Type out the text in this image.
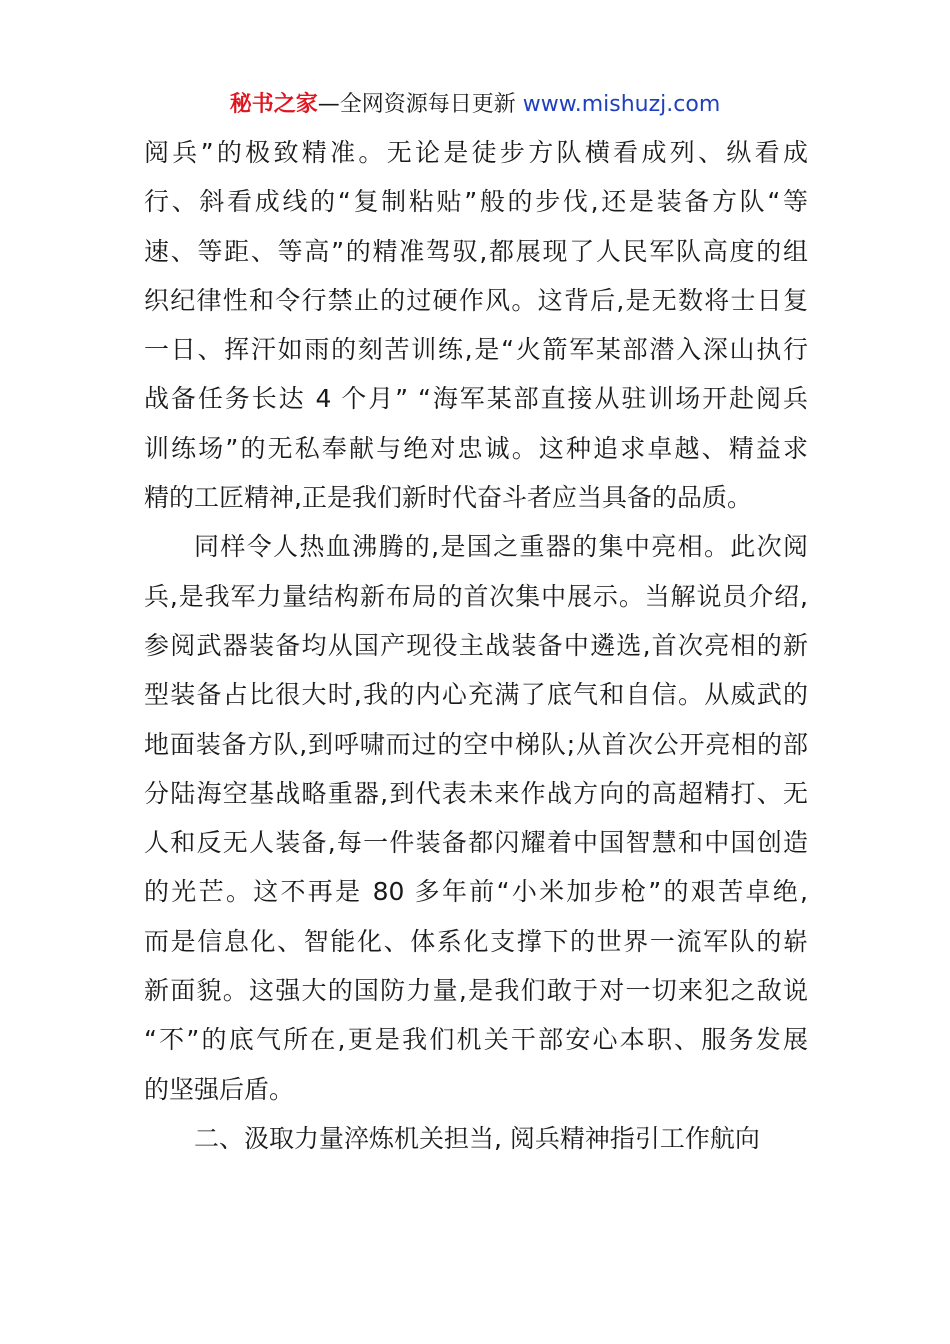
秘书之家—全网资源每日更新 www.mishuzj.com
阅兵”的极致精准。无论是徒步方队横看成列、纵看成
行、斜看成线的“复制粘贴”般的步伐,还是装备方队“等
速、等距、等高”的精准驾驭,都展现了人民军队高度的组
织纪律性和令行禁止的过硬作风。这背后,是无数将士日复
一日、挥汗如雨的刻苦训练,是“火箭军某部潜入深山执行
战备任务长达 4 个月” “海军某部直接从驻训场开赴阅兵
训练场”的无私奉献与绝对忠诚。这种追求卓越、精益求
精的工匠精神,正是我们新时代奋斗者应当具备的品质。
同样令人热血沸腾的,是国之重器的集中亮相。此次阅
兵,是我军力量结构新布局的首次集中展示。当解说员介绍,
参阅武器装备均从国产现役主战装备中遴选,首次亮相的新
型装备占比很大时,我的内心充满了底气和自信。从威武的
地面装备方队,到呼啸而过的空中梯队;从首次公开亮相的部
分陆海空基战略重器,到代表未来作战方向的高超精打、无
人和反无人装备,每一件装备都闪耀着中国智慧和中国创造
的光芒。这不再是 80 多年前“小米加步枪”的艰苦卓绝,
而是信息化、智能化、体系化支撑下的世界一流军队的崭
新面貌。这强大的国防力量,是我们敢于对一切来犯之敌说
“不”的底气所在,更是我们机关干部安心本职、服务发展
的坚强后盾。
二、汲取力量淬炼机关担当, 阅兵精神指引工作航向
